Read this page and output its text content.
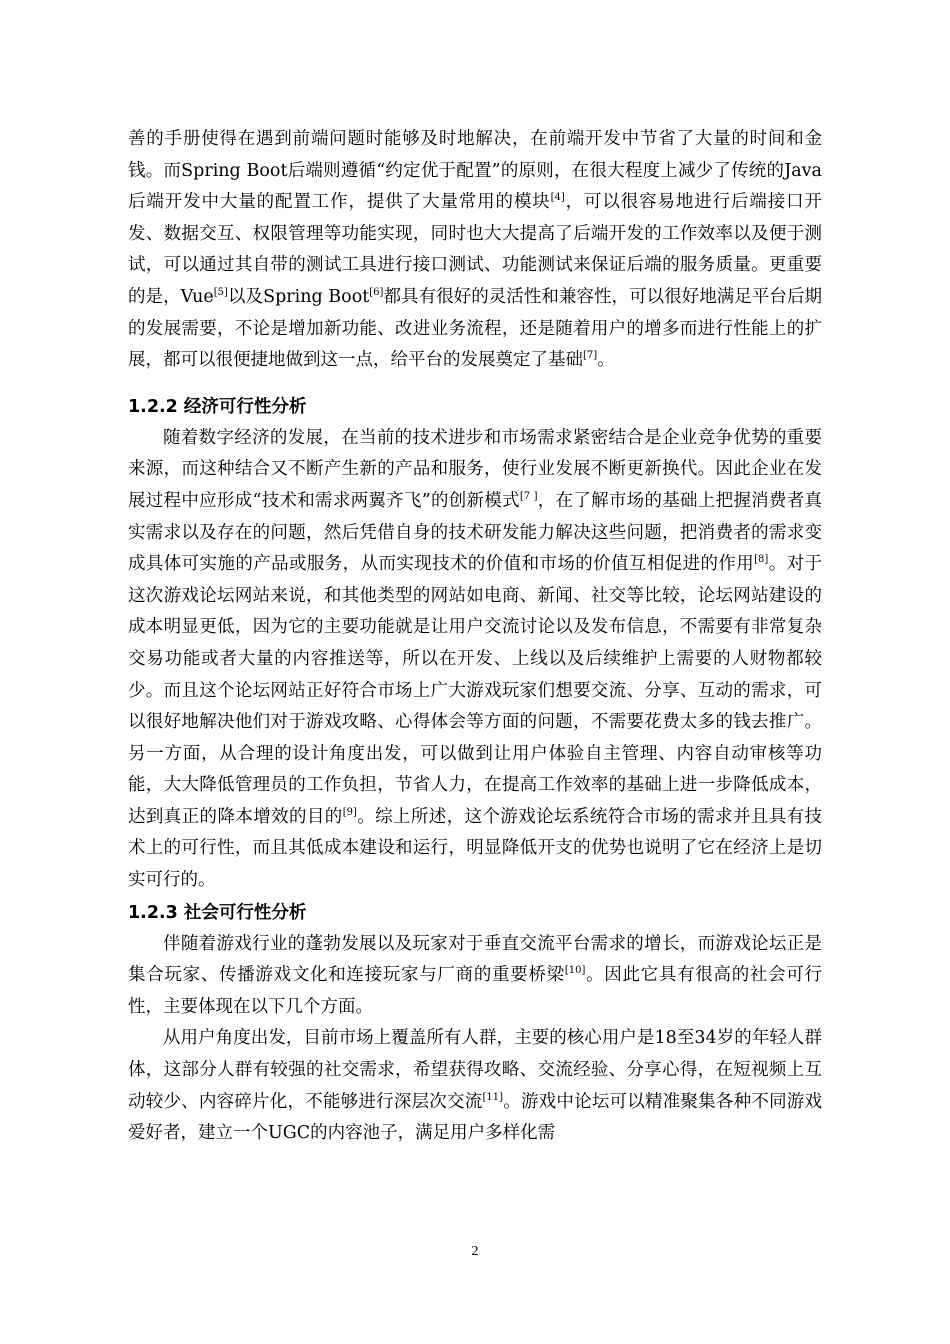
善的手册使得在遇到前端问题时能够及时地解决，在前端开发中节省了大量的时间和金钱。而Spring Boot后端则遵循“约定优于配置”的原则，在很大程度上减少了传统的Java后端开发中大量的配置工作，提供了大量常用的模块[4]，可以很容易地进行后端接口开发、数据交互、权限管理等功能实现，同时也大大提高了后端开发的工作效率以及便于测试，可以通过其自带的测试工具进行接口测试、功能测试来保证后端的服务质量。更重要的是，Vue[5]以及Spring Boot[6]都具有很好的灵活性和兼容性，可以很好地满足平台后期的发展需要，不论是增加新功能、改进业务流程，还是随着用户的增多而进行性能上的扩展，都可以很便捷地做到这一点，给平台的发展奠定了基础[7]。

1.2.2 经济可行性分析

随着数字经济的发展，在当前的技术进步和市场需求紧密结合是企业竞争优势的重要来源，而这种结合又不断产生新的产品和服务，使行业发展不断更新换代。因此企业在发展过程中应形成“技术和需求两翼齐飞”的创新模式[7 ]，在了解市场的基础上把握消费者真实需求以及存在的问题，然后凭借自身的技术研发能力解决这些问题，把消费者的需求变成具体可实施的产品或服务，从而实现技术的价值和市场的价值互相促进的作用[8]。对于这次游戏论坛网站来说，和其他类型的网站如电商、新闻、社交等比较，论坛网站建设的成本明显更低，因为它的主要功能就是让用户交流讨论以及发布信息，不需要有非常复杂交易功能或者大量的内容推送等，所以在开发、上线以及后续维护上需要的人财物都较少。而且这个论坛网站正好符合市场上广大游戏玩家们想要交流、分享、互动的需求，可以很好地解决他们对于游戏攻略、心得体会等方面的问题，不需要花费太多的钱去推广。另一方面，从合理的设计角度出发，可以做到让用户体验自主管理、内容自动审核等功能，大大降低管理员的工作负担，节省人力，在提高工作效率的基础上进一步降低成本，达到真正的降本增效的目的[9]。综上所述，这个游戏论坛系统符合市场的需求并且具有技术上的可行性，而且其低成本建设和运行，明显降低开支的优势也说明了它在经济上是切实可行的。

1.2.3 社会可行性分析

伴随着游戏行业的蓬勃发展以及玩家对于垂直交流平台需求的增长，而游戏论坛正是集合玩家、传播游戏文化和连接玩家与厂商的重要桥梁[10]。因此它具有很高的社会可行性，主要体现在以下几个方面。

从用户角度出发，目前市场上覆盖所有人群，主要的核心用户是18至34岁的年轻人群体，这部分人群有较强的社交需求，希望获得攻略、交流经验、分享心得，在短视频上互动较少、内容碎片化，不能够进行深层次交流[11]。游戏中论坛可以精准聚集各种不同游戏爱好者，建立一个UGC的内容池子，满足用户多样化需

2
